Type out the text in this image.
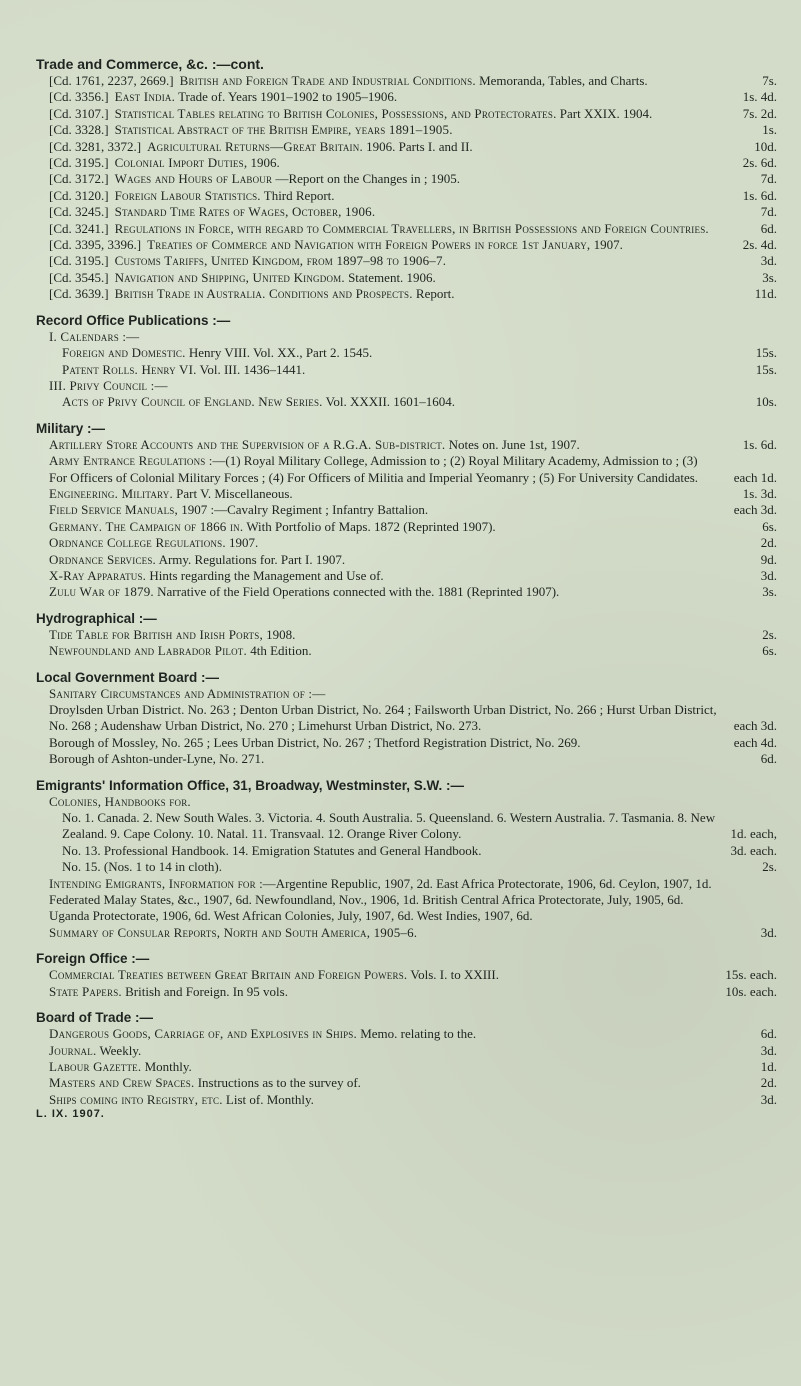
Trade and Commerce, &c. :—cont.

[Cd. 1761, 2237, 2669.] British and Foreign Trade and Industrial Conditions. Memoranda, Tables, and Charts.	7s.

[Cd. 3356.] East India. Trade of. Years 1901–1902 to 1905–1906.	1s. 4d.

[Cd. 3107.] Statistical Tables relating to British Colonies, Possessions, and Protectorates. Part XXIX. 1904.	7s. 2d.

[Cd. 3328.] Statistical Abstract of the British Empire, years 1891–1905.	1s.

[Cd. 3281, 3372.] Agricultural Returns—Great Britain. 1906. Parts I. and II.	10d.

[Cd. 3195.] Colonial Import Duties, 1906.	2s. 6d.

[Cd. 3172.] Wages and Hours of Labour —Report on the Changes in ; 1905.	7d.

[Cd. 3120.] Foreign Labour Statistics. Third Report.	1s. 6d.

[Cd. 3245.] Standard Time Rates of Wages, October, 1906.	7d.

[Cd. 3241.] Regulations in Force, with regard to Commercial Travellers, in British Possessions and Foreign Countries.	6d.

[Cd. 3395, 3396.] Treaties of Commerce and Navigation with Foreign Powers in force 1st January, 1907.	2s. 4d.

[Cd. 3195.] Customs Tariffs, United Kingdom, from 1897–98 to 1906–7.	3d.

[Cd. 3545.] Navigation and Shipping, United Kingdom. Statement. 1906.	3s.

[Cd. 3639.] British Trade in Australia. Conditions and Prospects. Report.	11d.

Record Office Publications :—

I. Calendars :—

Foreign and Domestic. Henry VIII. Vol. XX., Part 2. 1545.	15s.

Patent Rolls. Henry VI. Vol. III. 1436–1441.	15s.

III. Privy Council :—

Acts of Privy Council of England. New Series. Vol. XXXII. 1601–1604.	10s.

Military :—

Artillery Store Accounts and the Supervision of a R.G.A. Sub-district. Notes on. June 1st, 1907.	1s. 6d.

Army Entrance Regulations :—(1) Royal Military College, Admission to ; (2) Royal Military Academy, Admission to ; (3) For Officers of Colonial Military Forces ; (4) For Officers of Militia and Imperial Yeomanry ; (5) For University Candidates.	each 1d.

Engineering. Military. Part V. Miscellaneous.	1s. 3d.

Field Service Manuals, 1907 :—Cavalry Regiment ; Infantry Battalion.	each 3d.

Germany. The Campaign of 1866 in. With Portfolio of Maps. 1872 (Reprinted 1907).	6s.

Ordnance College Regulations. 1907.	2d.

Ordnance Services. Army. Regulations for. Part I. 1907.	9d.

X-Ray Apparatus. Hints regarding the Management and Use of.	3d.

Zulu War of 1879. Narrative of the Field Operations connected with the. 1881 (Reprinted 1907).	3s.

Hydrographical :—

Tide Table for British and Irish Ports, 1908.	2s.

Newfoundland and Labrador Pilot. 4th Edition.	6s.

Local Government Board :—

Sanitary Circumstances and Administration of :—

Droylsden Urban District. No. 263 ; Denton Urban District, No. 264 ; Failsworth Urban District, No. 266 ; Hurst Urban District, No. 268 ; Audenshaw Urban District, No. 270 ; Limehurst Urban District, No. 273.	each 3d.

Borough of Mossley, No. 265 ; Lees Urban District, No. 267 ; Thetford Registration District, No. 269.	each 4d.

Borough of Ashton-under-Lyne, No. 271.	6d.

Emigrants' Information Office, 31, Broadway, Westminster, S.W. :—

Colonies, Handbooks for.

No. 1. Canada. 2. New South Wales. 3. Victoria. 4. South Australia. 5. Queensland. 6. Western Australia. 7. Tasmania. 8. New Zealand. 9. Cape Colony. 10. Natal. 11. Transvaal. 12. Orange River Colony.	1d. each,

No. 13. Professional Handbook. 14. Emigration Statutes and General Handbook.	3d. each.

No. 15. (Nos. 1 to 14 in cloth).	2s.

Intending Emigrants, Information for :—Argentine Republic, 1907, 2d. East Africa Protectorate, 1906, 6d. Ceylon, 1907, 1d. Federated Malay States, &c., 1907, 6d. Newfoundland, Nov., 1906, 1d. British Central Africa Protectorate, July, 1905, 6d. Uganda Protectorate, 1906, 6d. West African Colonies, July, 1907, 6d. West Indies, 1907, 6d.

Summary of Consular Reports, North and South America, 1905–6.	3d.

Foreign Office :—

Commercial Treaties between Great Britain and Foreign Powers. Vols. I. to XXIII.	15s. each.

State Papers. British and Foreign. In 95 vols.	10s. each.

Board of Trade :—

Dangerous Goods, Carriage of, and Explosives in Ships. Memo. relating to the.	6d.

Journal. Weekly.	3d.

Labour Gazette. Monthly.	1d.

Masters and Crew Spaces. Instructions as to the survey of.	2d.

Ships coming into Registry, etc. List of. Monthly.	3d.

L. IX. 1907.
